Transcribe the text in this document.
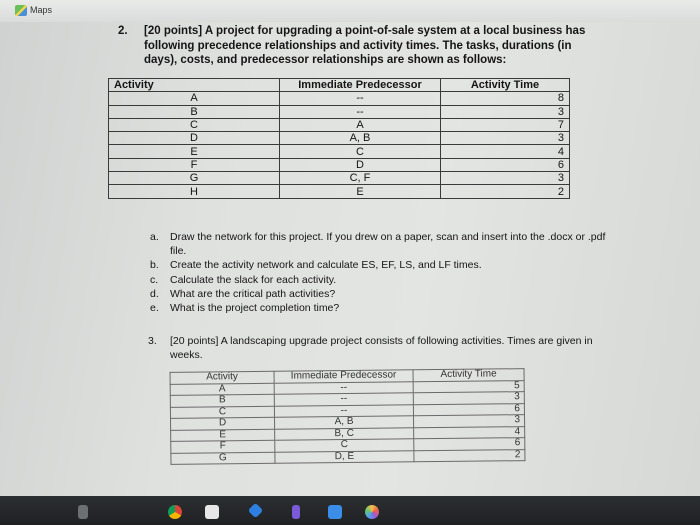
Maps
2. [20 points] A project for upgrading a point-of-sale system at a local business has following precedence relationships and activity times. The tasks, durations (in days), costs, and predecessor relationships are shown as follows:
Activity	Immediate Predecessor	Activity Time
A	--	8
B	--	3
C	A	7
D	A, B	3
E	C	4
F	D	6
G	C, F	3
H	E	2
a. Draw the network for this project. If you drew on a paper, scan and insert into the .docx or .pdf file.
b. Create the activity network and calculate ES, EF, LS, and LF times.
c. Calculate the slack for each activity.
d. What are the critical path activities?
e. What is the project completion time?
3. [20 points] A landscaping upgrade project consists of following activities. Times are given in weeks.
Activity	Immediate Predecessor	Activity Time
A	--	5
B	--	3
C	--	6
D	A, B	3
E	B, C	4
F	C	6
G	D, E	2
